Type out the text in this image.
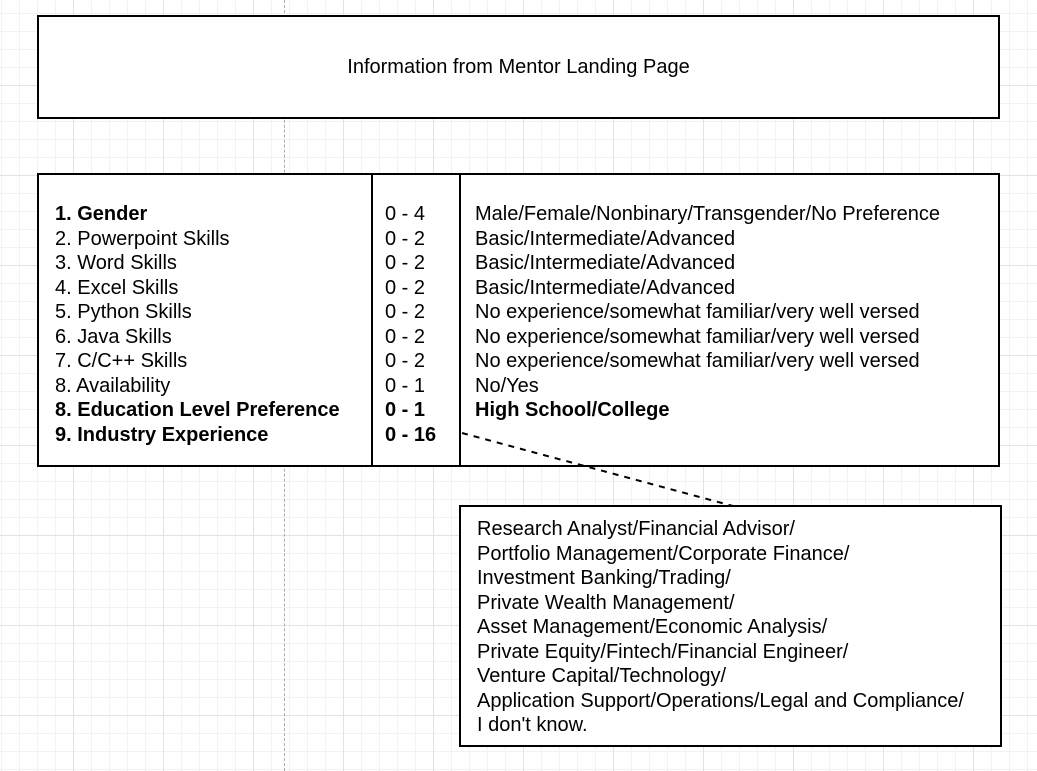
Information from Mentor Landing Page
1. Gender
2. Powerpoint Skills
3. Word Skills
4. Excel Skills
5. Python Skills
6. Java Skills
7. C/C++ Skills
8. Availability
8. Education Level Preference
9. Industry Experience
0 - 4
0 - 2
0 - 2
0 - 2
0 - 2
0 - 2
0 - 2
0 - 1
0 - 1
0 - 16
Male/Female/Nonbinary/Transgender/No Preference
Basic/Intermediate/Advanced
Basic/Intermediate/Advanced
Basic/Intermediate/Advanced
No experience/somewhat familiar/very well versed
No experience/somewhat familiar/very well versed
No experience/somewhat familiar/very well versed
No/Yes
High School/College
Research Analyst/Financial Advisor/
Portfolio Management/Corporate Finance/
Investment Banking/Trading/
Private Wealth Management/
Asset Management/Economic Analysis/
Private Equity/Fintech/Financial Engineer/
Venture Capital/Technology/
Application Support/Operations/Legal and Compliance/
I don't know.
